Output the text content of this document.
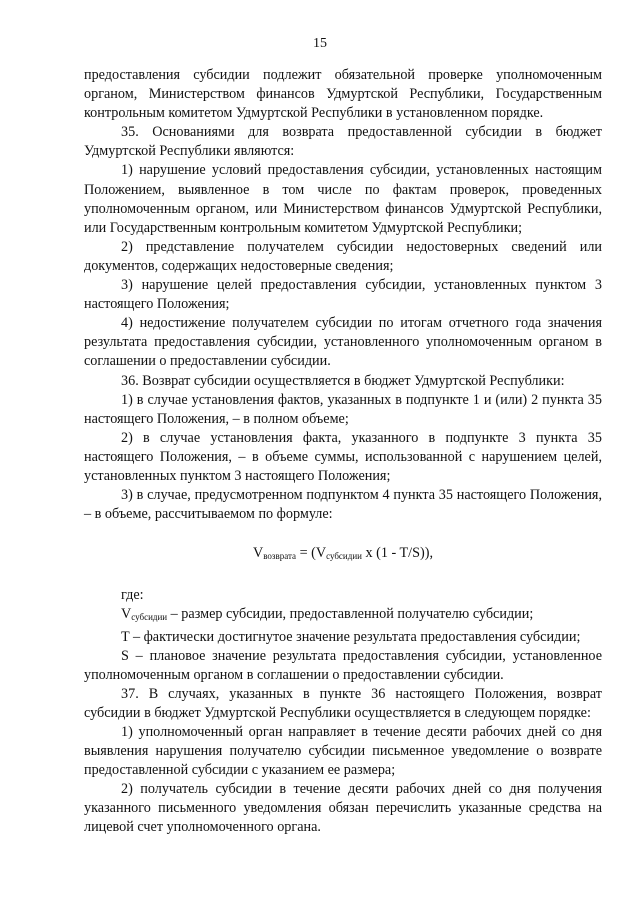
15

предоставления субсидии подлежит обязательной проверке уполномоченным органом, Министерством финансов Удмуртской Республики, Государственным контрольным комитетом Удмуртской Республики в установленном порядке.

35. Основаниями для возврата предоставленной субсидии в бюджет Удмуртской Республики являются:

1) нарушение условий предоставления субсидии, установленных настоящим Положением, выявленное в том числе по фактам проверок, проведенных уполномоченным органом, или Министерством финансов Удмуртской Республики, или Государственным контрольным комитетом Удмуртской Республики;

2) представление получателем субсидии недостоверных сведений или документов, содержащих недостоверные сведения;

3) нарушение целей предоставления субсидии, установленных пунктом 3 настоящего Положения;

4) недостижение получателем субсидии по итогам отчетного года значения результата предоставления субсидии, установленного уполномоченным органом в соглашении о предоставлении субсидии.

36. Возврат субсидии осуществляется в бюджет Удмуртской Республики:

1) в случае установления фактов, указанных в подпункте 1 и (или) 2 пункта 35 настоящего Положения, – в полном объеме;

2) в случае установления факта, указанного в подпункте 3 пункта 35 настоящего Положения, – в объеме суммы, использованной с нарушением целей, установленных пунктом 3 настоящего Положения;

3) в случае, предусмотренном подпунктом 4 пункта 35 настоящего Положения, – в объеме, рассчитываемом по формуле:

$V_{возврата} = (V_{субсидии}$ x (1 - T/S)),

где:

$V_{субсидии}$ – размер субсидии, предоставленной получателю субсидии;

T – фактически достигнутое значение результата предоставления субсидии;

S – плановое значение результата предоставления субсидии, установленное уполномоченным органом в соглашении о предоставлении субсидии.

37. В случаях, указанных в пункте 36 настоящего Положения, возврат субсидии в бюджет Удмуртской Республики осуществляется в следующем порядке:

1) уполномоченный орган направляет в течение десяти рабочих дней со дня выявления нарушения получателю субсидии письменное уведомление о возврате предоставленной субсидии с указанием ее размера;

2) получатель субсидии в течение десяти рабочих дней со дня получения указанного письменного уведомления обязан перечислить указанные средства на лицевой счет уполномоченного органа.
